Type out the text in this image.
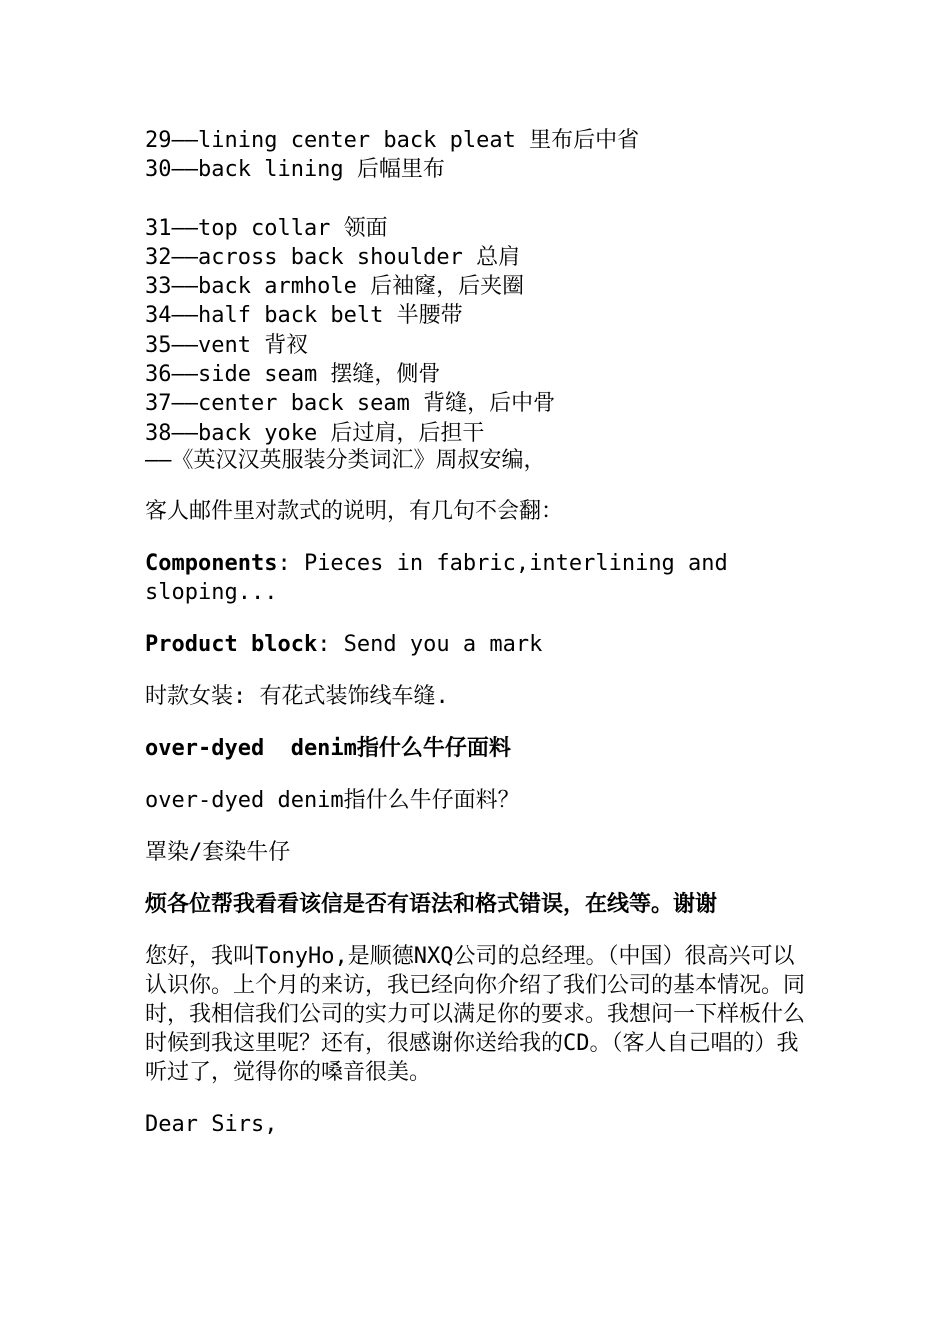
29——lining center back pleat 里布后中省
30——back lining 后幅里布
31——top collar 领面
32——across back shoulder 总肩
33——back armhole 后袖窿，后夹圈
34——half back belt 半腰带
35——vent 背衩
36——side seam 摆缝，侧骨
37——center back seam 背缝，后中骨
38——back yoke 后过肩，后担干
——《英汉汉英服装分类词汇》周叔安编，

客人邮件里对款式的说明，有几句不会翻：

Components: Pieces in fabric,interlining and sloping...

Product block: Send you a mark

时款女装: 有花式装饰线车缝.

over-dyed  denim指什么牛仔面料

over-dyed denim指什么牛仔面料？

罩染/套染牛仔

烦各位帮我看看该信是否有语法和格式错误，在线等。谢谢

您好，我叫TonyHo,是顺德NXQ公司的总经理。（中国）很高兴可以认识你。上个月的来访，我已经向你介绍了我们公司的基本情况。同时，我相信我们公司的实力可以满足你的要求。我想问一下样板什么时候到我这里呢？还有，很感谢你送给我的CD。（客人自己唱的）我听过了，觉得你的嗓音很美。

Dear Sirs,
